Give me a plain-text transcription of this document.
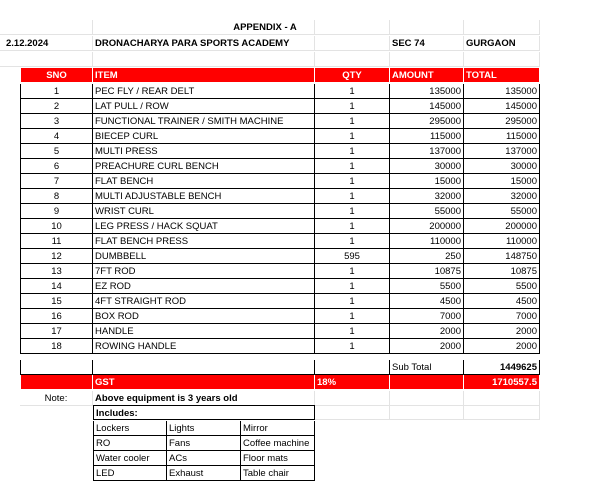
APPENDIX - A
2.12.2024	DRONACHARYA PARA SPORTS ACADEMY	SEC 74	GURGAON
SNO	ITEM	QTY	AMOUNT	TOTAL
1	PEC FLY / REAR DELT	1	135000	135000
2	LAT PULL / ROW	1	145000	145000
3	FUNCTIONAL TRAINER / SMITH MACHINE	1	295000	295000
4	BIECEP CURL	1	115000	115000
5	MULTI PRESS	1	137000	137000
6	PREACHURE CURL BENCH	1	30000	30000
7	FLAT BENCH	1	15000	15000
8	MULTI ADJUSTABLE BENCH	1	32000	32000
9	WRIST CURL	1	55000	55000
10	LEG PRESS / HACK SQUAT	1	200000	200000
11	FLAT BENCH PRESS	1	110000	110000
12	DUMBBELL	595	250	148750
13	7FT ROD	1	10875	10875
14	EZ ROD	1	5500	5500
15	4FT STRAIGHT ROD	1	4500	4500
16	BOX ROD	1	7000	7000
17	HANDLE	1	2000	2000
18	ROWING HANDLE	1	2000	2000
Sub Total	1449625
GST	18%	1710557.5
Note:	Above equipment is 3 years old
Includes:
Lockers	Lights	Mirror
RO	Fans	Coffee machine
Water cooler	ACs	Floor mats
LED	Exhaust	Table chair
